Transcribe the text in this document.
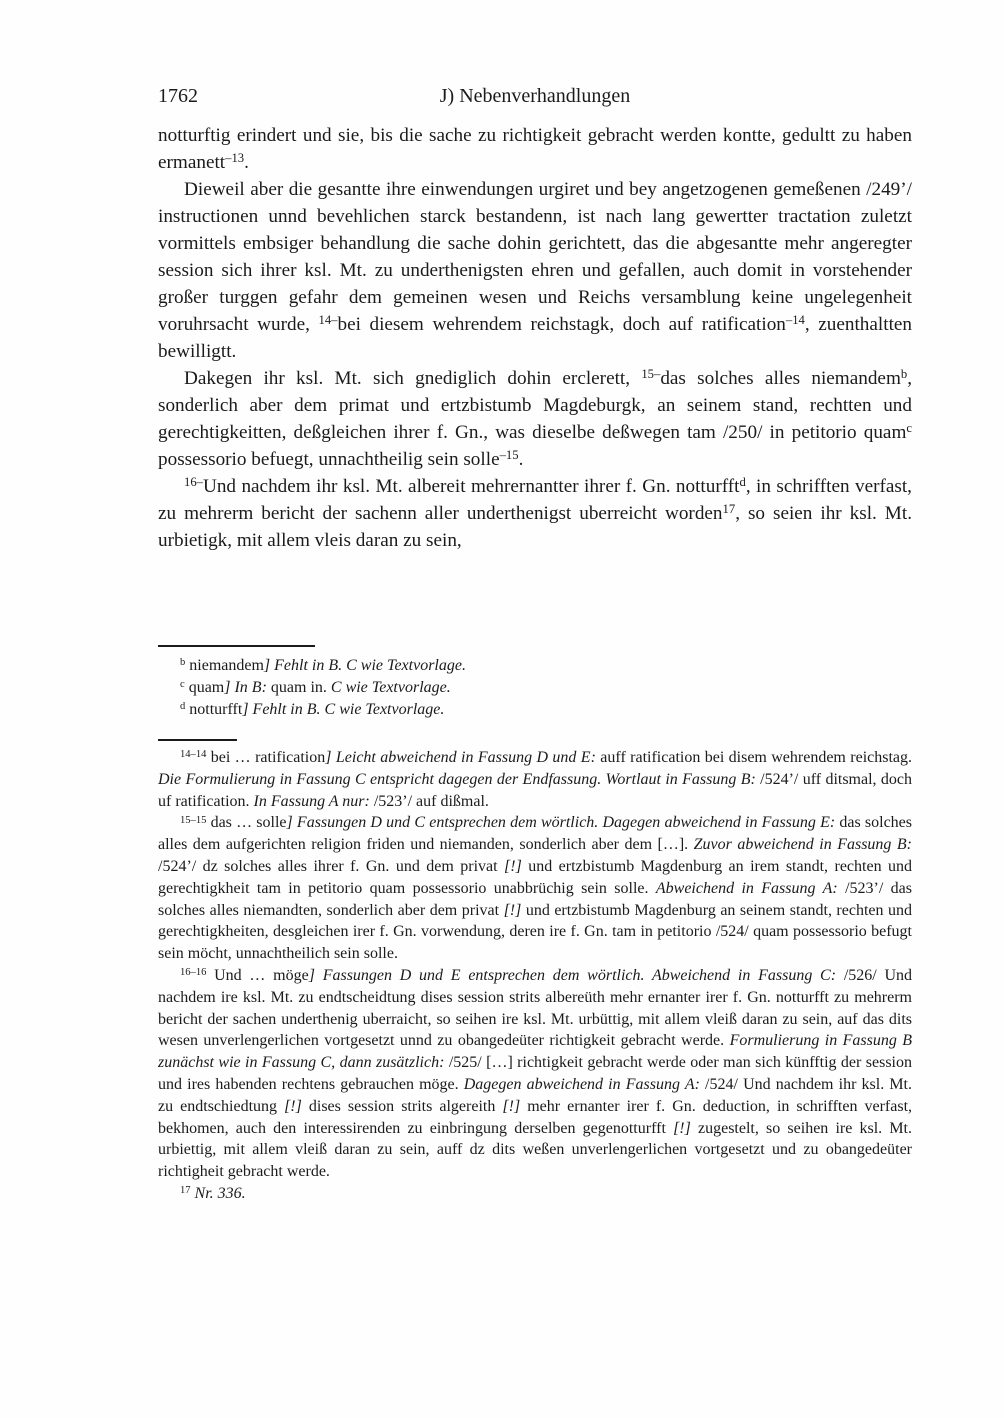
1762	J) Nebenverhandlungen

notturftig erindert und sie, bis die sache zu richtigkeit gebracht werden kontte, gedultt zu haben ermanett$^{-13}$.

Dieweil aber die gesantte ihre einwendungen urgiret und bey angetzogenen gemeßenen /249’/ instructionen unnd bevehlichen starck bestandenn, ist nach lang gewertter tractation zuletzt vormittels embsiger behandlung die sache dohin gerichtett, das die abgesantte mehr angeregter session sich ihrer ksl. Mt. zu underthenigsten ehren und gefallen, auch domit in vorstehender großer turggen gefahr dem gemeinen wesen und Reichs versamblung keine ungelegenheit voruhrsacht wurde, $^{14-}$bei diesem wehrendem reichstagk, doch auf ratification$^{-14}$, zuenthaltten bewilligtt.

Dakegen ihr ksl. Mt. sich gnediglich dohin erclerett, $^{15-}$das solches alles niemandem$^b$, sonderlich aber dem primat und ertzbistumb Magdeburgk, an seinem stand, rechtten und gerechtigkeitten, deßgleichen ihrer f. Gn., was dieselbe deßwegen tam /250/ in petitorio quam$^c$ possessorio befuegt, unnachtheilig sein solle$^{-15}$.

$^{16-}$Und nachdem ihr ksl. Mt. albereit mehrernantter ihrer f. Gn. notturfft$^d$, in schrifften verfast, zu mehrerm bericht der sachenn aller underthenigst uberreicht worden$^{17}$, so seien ihr ksl. Mt. urbietigk, mit allem vleis daran zu sein,

$^b$ niemandem] Fehlt in B. C wie Textvorlage.

$^c$ quam] In B: quam in. C wie Textvorlage.

$^d$ notturfft] Fehlt in B. C wie Textvorlage.

$^{14-14}$ bei … ratification] Leicht abweichend in Fassung D und E: auff ratification bei disem wehrendem reichstag. Die Formulierung in Fassung C entspricht dagegen der Endfassung. Wortlaut in Fassung B: /524’/ uff ditsmal, doch uf ratification. In Fassung A nur: /523’/ auf dißmal.

$^{15-15}$ das … solle] Fassungen D und C entsprechen dem wörtlich. Dagegen abweichend in Fassung E: das solches alles dem aufgerichten religion friden und niemanden, sonderlich aber dem […]. Zuvor abweichend in Fassung B: /524’/ dz solches alles ihrer f. Gn. und dem privat [!] und ertzbistumb Magdenburg an irem standt, rechten und gerechtigkheit tam in petitorio quam possessorio unabbrüchig sein solle. Abweichend in Fassung A: /523’/ das solches alles niemandten, sonderlich aber dem privat [!] und ertzbistumb Magdenburg an seinem standt, rechten und gerechtigkheiten, desgleichen irer f. Gn. vorwendung, deren ire f. Gn. tam in petitorio /524/ quam possessorio befugt sein möcht, unnachtheilich sein solle.

$^{16-16}$ Und … möge] Fassungen D und E entsprechen dem wörtlich. Abweichend in Fassung C: /526/ Und nachdem ire ksl. Mt. zu endtscheidtung dises session strits albereüth mehr ernanter irer f. Gn. notturfft zu mehrerm bericht der sachen underthenig uberraicht, so seihen ire ksl. Mt. urbüttig, mit allem vleiß daran zu sein, auf das dits wesen unverlengerlichen vortgesetzt unnd zu obangedeüter richtigkeit gebracht werde. Formulierung in Fassung B zunächst wie in Fassung C, dann zusätzlich: /525/ […] richtigkeit gebracht werde oder man sich künfftig der session und ires habenden rechtens gebrauchen möge. Dagegen abweichend in Fassung A: /524/ Und nachdem ihr ksl. Mt. zu endtschiedtung [!] dises session strits algereith [!] mehr ernanter irer f. Gn. deduction, in schrifften verfast, bekhomen, auch den interessirenden zu einbringung derselben gegenotturfft [!] zugestelt, so seihen ire ksl. Mt. urbiettig, mit allem vleiß daran zu sein, auff dz dits weßen unverlengerlichen vortgesetzt und zu obangedeüter richtigheit gebracht werde.

$^{17}$ Nr. 336.
